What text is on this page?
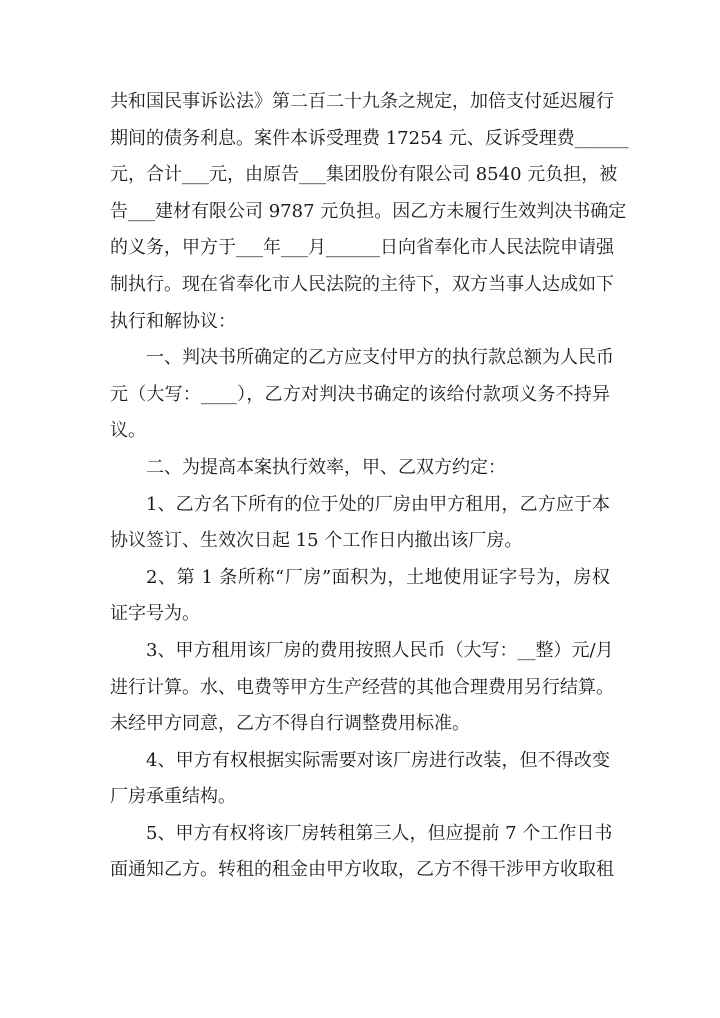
共和国民事诉讼法》第二百二十九条之规定，加倍支付延迟履行
期间的债务利息。案件本诉受理费 17254 元、反诉受理费______
元，合计___元，由原告___集团股份有限公司 8540 元负担，被
告___建材有限公司 9787 元负担。因乙方未履行生效判决书确定
的义务，甲方于___年___月______日向省奉化市人民法院申请强
制执行。现在省奉化市人民法院的主待下，双方当事人达成如下
执行和解协议：
一、判决书所确定的乙方应支付甲方的执行款总额为人民币
元（大写：____），乙方对判决书确定的该给付款项义务不持异
议。
二、为提高本案执行效率，甲、乙双方约定：
1、乙方名下所有的位于处的厂房由甲方租用，乙方应于本
协议签订、生效次日起 15 个工作日内撤出该厂房。
2、第 1 条所称“厂房”面积为，土地使用证字号为，房权
证字号为。
3、甲方租用该厂房的费用按照人民币（大写：__整）元/月
进行计算。水、电费等甲方生产经营的其他合理费用另行结算。
未经甲方同意，乙方不得自行调整费用标准。
4、甲方有权根据实际需要对该厂房进行改装，但不得改变
厂房承重结构。
5、甲方有权将该厂房转租第三人，但应提前 7 个工作日书
面通知乙方。转租的租金由甲方收取，乙方不得干涉甲方收取租
